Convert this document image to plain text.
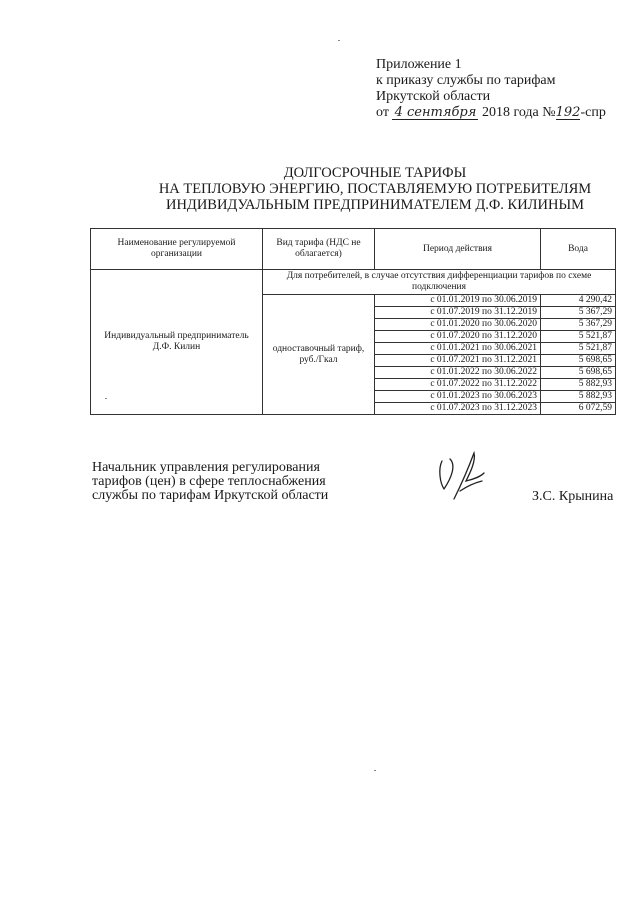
Приложение 1
к приказу службы по тарифам
Иркутской области
от 4 сентября 2018 года №192-спр
ДОЛГОСРОЧНЫЕ ТАРИФЫ
НА ТЕПЛОВУЮ ЭНЕРГИЮ, ПОСТАВЛЯЕМУЮ ПОТРЕБИТЕЛЯМ
ИНДИВИДУАЛЬНЫМ ПРЕДПРИНИМАТЕЛЕМ Д.Ф. КИЛИНЫМ
Наименование регулируемой организации	Вид тарифа (НДС не облагается)	Период действия	Вода
Индивидуальный предприниматель Д.Ф. Килин	Для потребителей, в случае отсутствия дифференциации тарифов по схеме подключения		
	одноставочный тариф, руб./Гкал	с 01.01.2019 по 30.06.2019	4 290,42
		с 01.07.2019 по 31.12.2019	5 367,29
		с 01.01.2020 по 30.06.2020	5 367,29
		с 01.07.2020 по 31.12.2020	5 521,87
		с 01.01.2021 по 30.06.2021	5 521,87
		с 01.07.2021 по 31.12.2021	5 698,65
		с 01.01.2022 по 30.06.2022	5 698,65
		с 01.07.2022 по 31.12.2022	5 882,93
		с 01.01.2023 по 30.06.2023	5 882,93
		с 01.07.2023 по 31.12.2023	6 072,59
Начальник управления регулирования
тарифов (цен) в сфере теплоснабжения
службы по тарифам Иркутской области	З.С. Крынина
